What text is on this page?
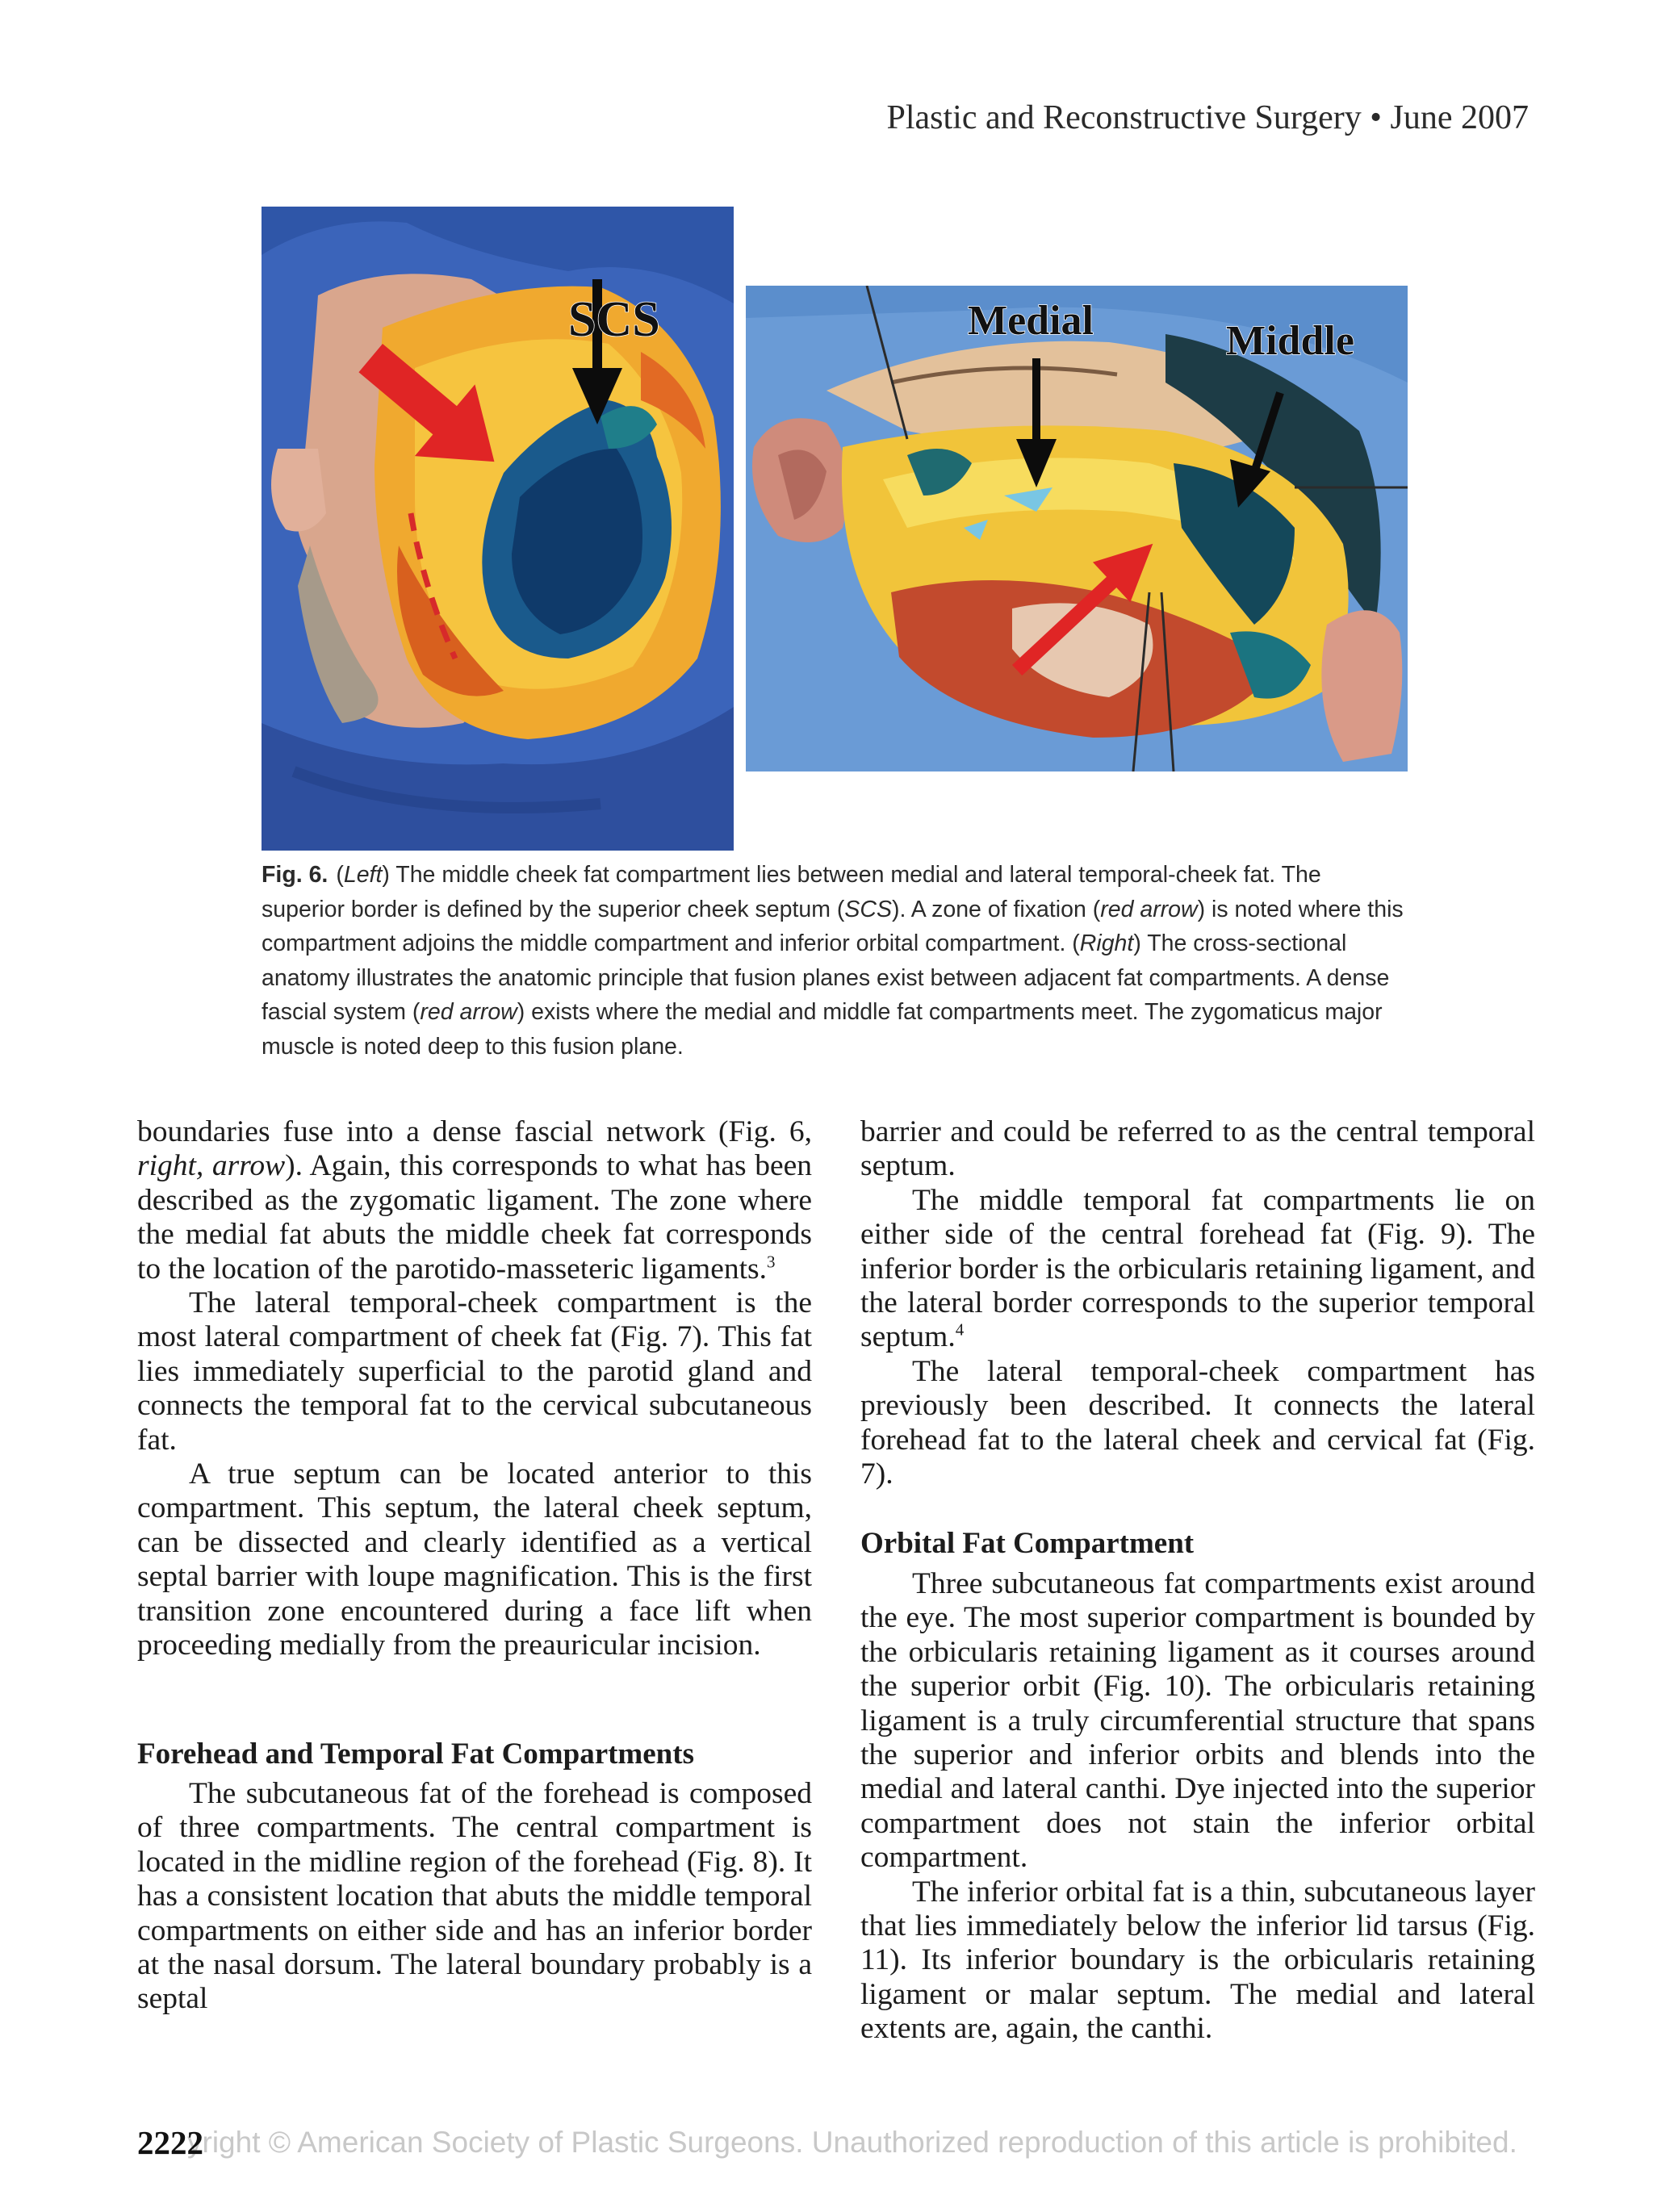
Plastic and Reconstructive Surgery • June 2007
SCS	Medial	Middle
Fig. 6. (Left) The middle cheek fat compartment lies between medial and lateral temporal-cheek fat. The superior border is defined by the superior cheek septum (SCS). A zone of fixation (red arrow) is noted where this compartment adjoins the middle compartment and inferior orbital compartment. (Right) The cross-sectional anatomy illustrates the anatomic principle that fusion planes exist between adjacent fat compartments. A dense fascial system (red arrow) exists where the medial and middle fat compartments meet. The zygomaticus major muscle is noted deep to this fusion plane.

boundaries fuse into a dense fascial network (Fig. 6, right, arrow). Again, this corresponds to what has been described as the zygomatic ligament. The zone where the medial fat abuts the middle cheek fat corresponds to the location of the parotido-masseteric ligaments.$^3$

The lateral temporal-cheek compartment is the most lateral compartment of cheek fat (Fig. 7). This fat lies immediately superficial to the parotid gland and connects the temporal fat to the cervical subcutaneous fat.

A true septum can be located anterior to this compartment. This septum, the lateral cheek septum, can be dissected and clearly identified as a vertical septal barrier with loupe magnification. This is the first transition zone encountered during a face lift when proceeding medially from the preauricular incision.

Forehead and Temporal Fat Compartments

The subcutaneous fat of the forehead is composed of three compartments. The central compartment is located in the midline region of the forehead (Fig. 8). It has a consistent location that abuts the middle temporal compartments on either side and has an inferior border at the nasal dorsum. The lateral boundary probably is a septal

barrier and could be referred to as the central temporal septum.

The middle temporal fat compartments lie on either side of the central forehead fat (Fig. 9). The inferior border is the orbicularis retaining ligament, and the lateral border corresponds to the superior temporal septum.$^4$

The lateral temporal-cheek compartment has previously been described. It connects the lateral forehead fat to the lateral cheek and cervical fat (Fig. 7).

Orbital Fat Compartment

Three subcutaneous fat compartments exist around the eye. The most superior compartment is bounded by the orbicularis retaining ligament as it courses around the superior orbit (Fig. 10). The orbicularis retaining ligament is a truly circumferential structure that spans the superior and inferior orbits and blends into the medial and lateral canthi. Dye injected into the superior compartment does not stain the inferior orbital compartment.

The inferior orbital fat is a thin, subcutaneous layer that lies immediately below the inferior lid tarsus (Fig. 11). Its inferior boundary is the orbicularis retaining ligament or malar septum. The medial and lateral extents are, again, the canthi.

yright © American Society of Plastic Surgeons. Unauthorized reproduction of this article is prohibited.
2222
